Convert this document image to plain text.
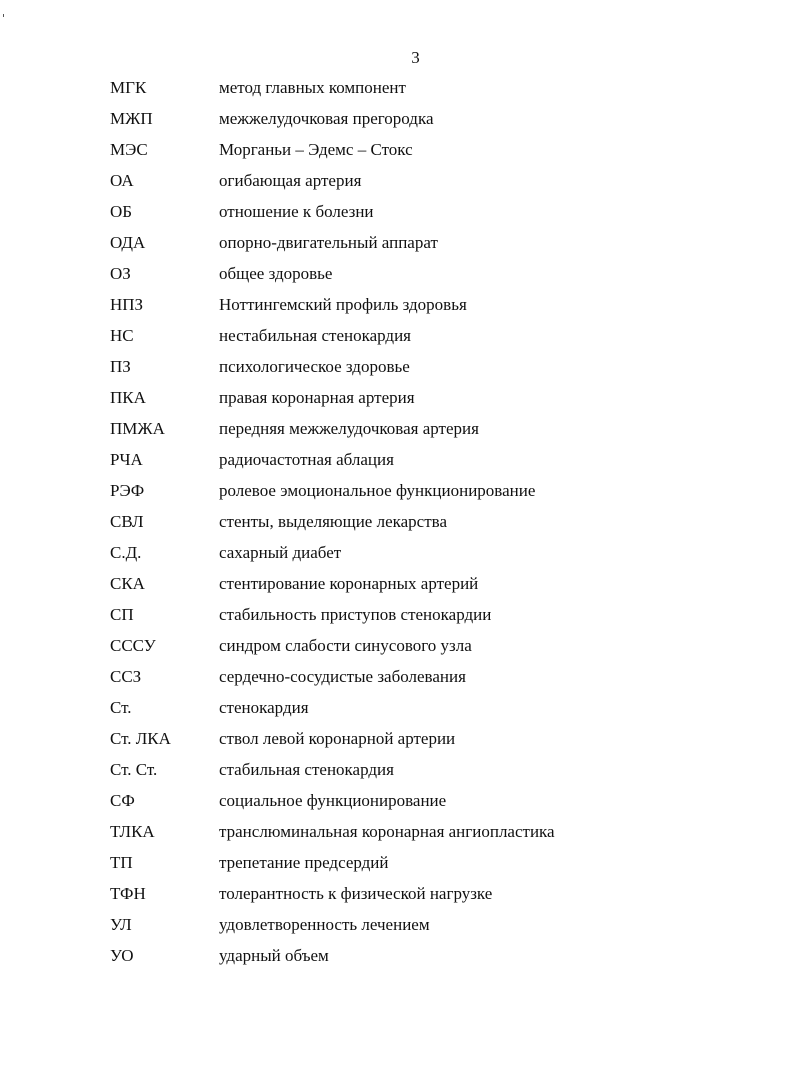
3
МГК	метод главных компонент
МЖП	межжелудочковая прегородка
МЭС	Морганьи – Эдемс – Стокс
ОА	огибающая артерия
ОБ	отношение к болезни
ОДА	опорно-двигательный аппарат
ОЗ	общее здоровье
НПЗ	Ноттингемский профиль здоровья
НС	нестабильная стенокардия
ПЗ	психологическое здоровье
ПКА	правая коронарная артерия
ПМЖА	передняя межжелудочковая артерия
РЧА	радиочастотная аблация
РЭФ	ролевое эмоциональное функционирование
СВЛ	стенты, выделяющие лекарства
С.Д.	сахарный диабет
СКА	стентирование коронарных артерий
СП	стабильность приступов стенокардии
СССУ	синдром слабости синусового узла
ССЗ	сердечно-сосудистые заболевания
Ст.	стенокардия
Ст. ЛКА	ствол левой коронарной артерии
Ст. Ст.	стабильная стенокардия
СФ	социальное функционирование
ТЛКА	транслюминальная коронарная ангиопластика
ТП	трепетание предсердий
ТФН	толерантность к физической нагрузке
УЛ	удовлетворенность лечением
УО	ударный объем
